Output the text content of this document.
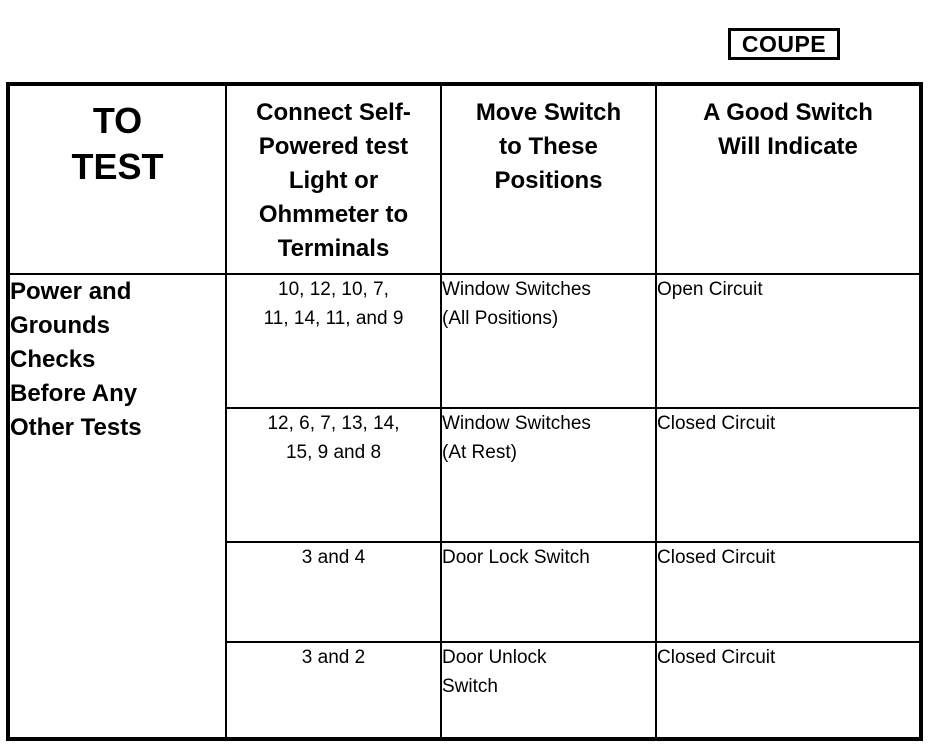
COUPE
TO
TEST	Connect Self-
Powered test
Light or
Ohmmeter to
Terminals	Move Switch
to These
Positions	A Good Switch
Will Indicate

Power and
Grounds
Checks
Before Any
Other Tests	10, 12, 10, 7,
11, 14, 11, and 9	Window Switches
(All Positions)	Open Circuit

	12, 6, 7, 13, 14,
15, 9 and 8	Window Switches
(At Rest)	Closed Circuit

	3 and 4	Door Lock Switch	Closed Circuit

	3 and 2	Door Unlock
Switch	Closed Circuit
